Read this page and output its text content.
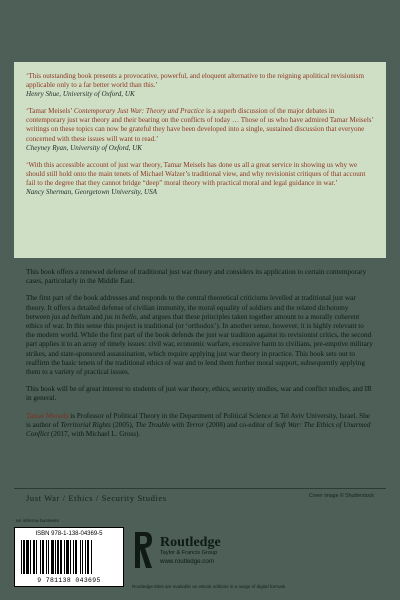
‘This outstanding book presents a provocative, powerful, and eloquent alternative to the reigning apolitical revisionism applicable only to a far better world than this.’
Henry Shue, University of Oxford, UK
‘Tamar Meisels’ Contemporary Just War: Theory and Practice is a superb discussion of the major debates in contemporary just war theory and their bearing on the conflicts of today … Those of us who have admired Tamar Meisels’ writings on these topics can now be grateful they have been developed into a single, sustained discussion that everyone concerned with these issues will want to read.’
Cheyney Ryan, University of Oxford, UK
‘With this accessible account of just war theory, Tamar Meisels has done us all a great service in showing us why we should still hold onto the main tenets of Michael Walzer’s traditional view, and why revisionist critiques of that account fail to the degree that they cannot bridge “deep” moral theory with practical moral and legal guidance in war.’
Nancy Sherman, Georgetown University, USA

This book offers a renewed defense of traditional just war theory and considers its application to certain contemporary cases, particularly in the Middle East.

The first part of the book addresses and responds to the central theoretical criticisms levelled at traditional just war theory. It offers a detailed defense of civilian immunity, the moral equality of soldiers and the related dichotomy between jus ad bellum and jus in bello, and argues that these principles taken together amount to a morally coherent ethics of war. In this sense this project is traditional (or ‘orthodox’). In another sense, however, it is highly relevant to the modern world. While the first part of the book defends the just war tradition against its revisionist critics, the second part applies it to an array of timely issues: civil war, economic warfare, excessive harm to civilians, pre-emptive military strikes, and state-sponsored assassination, which require applying just war theory in practice. This book sets out to reaffirm the basic tenets of the traditional ethics of war and to lend them further moral support, subsequently applying them to a variety of practical issues.

This book will be of great interest to students of just war theory, ethics, security studies, war and conflict studies, and IR in general.

Tamar Meisels is Professor of Political Theory in the Department of Political Science at Tel Aviv University, Israel. She is author of Territorial Rights (2005), The Trouble with Terror (2008) and co-editor of Soft War: The Ethics of Unarmed Conflict (2017, with Michael L. Gross).

Just War / Ethics / Security Studies	Cover image © Shutterstock
an informa business
ISBN 978-1-138-04369-5
9 781138 043695
Routledge
Taylor & Francis Group
www.routledge.com
Routledge titles are available as eBook editions in a range of digital formats
